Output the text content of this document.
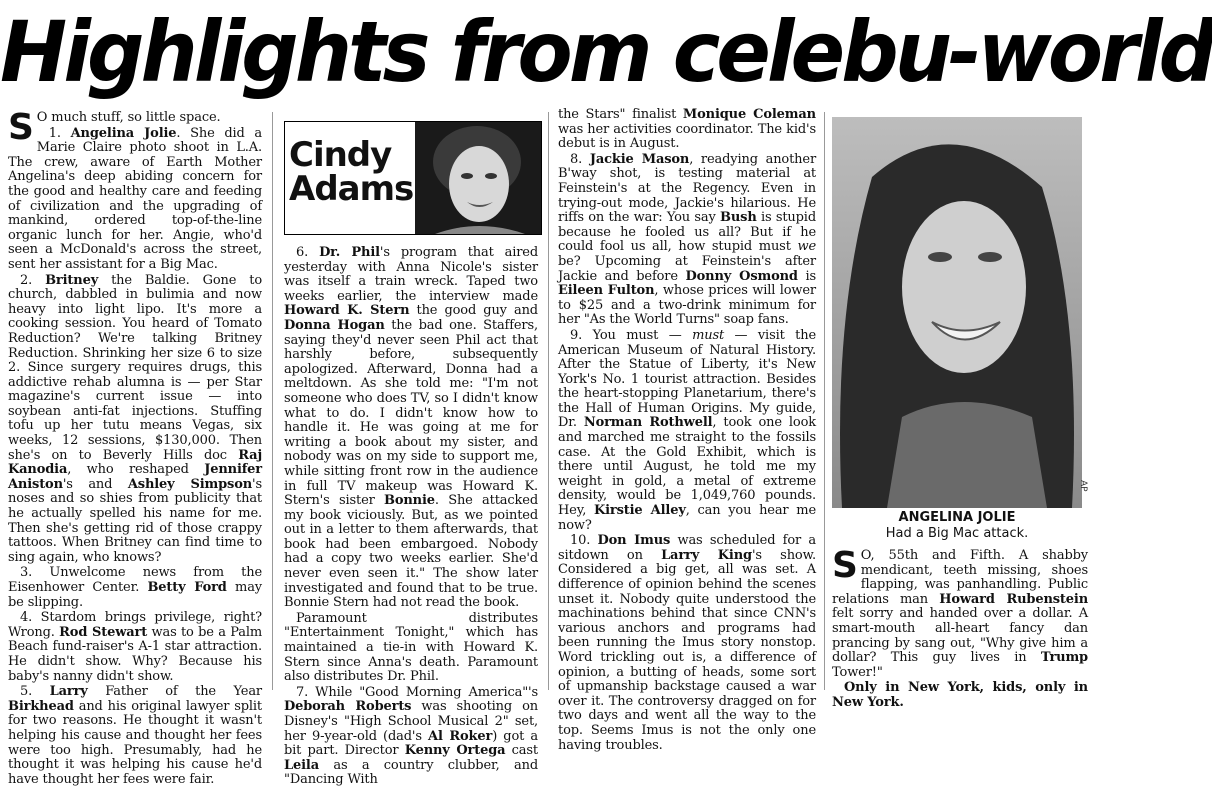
Highlights from celebu-world

S O much stuff, so little space.

1. Angelina Jolie. She did a Marie Claire photo shoot in L.A. The crew, aware of Earth Mother Angelina's deep abiding concern for the good and healthy care and feeding of civilization and the upgrading of mankind, ordered top-of-the-line organic lunch for her. Angie, who'd seen a McDonald's across the street, sent her assistant for a Big Mac.

2. Britney the Baldie. Gone to church, dabbled in bulimia and now heavy into light lipo. It's more a cooking session. You heard of Tomato Reduction? We're talking Britney Reduction. Shrinking her size 6 to size 2. Since surgery requires drugs, this addictive rehab alumna is — per Star magazine's current issue — into soybean anti-fat injections. Stuffing tofu up her tutu means Vegas, six weeks, 12 sessions, $130,000. Then she's on to Beverly Hills doc Raj Kanodia, who reshaped Jennifer Aniston's and Ashley Simpson's noses and so shies from publicity that he actually spelled his name for me. Then she's getting rid of those crappy tattoos. When Britney can find time to sing again, who knows?

3. Unwelcome news from the Eisenhower Center. Betty Ford may be slipping.

4. Stardom brings privilege, right? Wrong. Rod Stewart was to be a Palm Beach fund-raiser's A-1 star attraction. He didn't show. Why? Because his baby's nanny didn't show.

5. Larry Father of the Year Birkhead and his original lawyer split for two reasons. He thought it wasn't helping his cause and thought her fees were too high. Presumably, had he thought it was helping his cause he'd have thought her fees were fair.

Cindy
Adams

6. Dr. Phil's program that aired yesterday with Anna Nicole's sister was itself a train wreck. Taped two weeks earlier, the interview made Howard K. Stern the good guy and Donna Hogan the bad one. Staffers, saying they'd never seen Phil act that harshly before, subsequently apologized. Afterward, Donna had a meltdown. As she told me: "I'm not someone who does TV, so I didn't know what to do. I didn't know how to handle it. He was going at me for writing a book about my sister, and nobody was on my side to support me, while sitting front row in the audience in full TV makeup was Howard K. Stern's sister Bonnie. She attacked my book viciously. But, as we pointed out in a letter to them afterwards, that book had been embargoed. Nobody had a copy two weeks earlier. She'd never even seen it." The show later investigated and found that to be true. Bonnie Stern had not read the book.

Paramount distributes "Entertainment Tonight," which has maintained a tie-in with Howard K. Stern since Anna's death. Paramount also distributes Dr. Phil.

7. While "Good Morning America"'s Deborah Roberts was shooting on Disney's "High School Musical 2" set, her 9-year-old (dad's Al Roker) got a bit part. Director Kenny Ortega cast Leila as a country clubber, and "Dancing With

the Stars" finalist Monique Coleman was her activities coordinator. The kid's debut is in August.

8. Jackie Mason, readying another B'way shot, is testing material at Feinstein's at the Regency. Even in trying-out mode, Jackie's hilarious. He riffs on the war: You say Bush is stupid because he fooled us all? But if he could fool us all, how stupid must we be? Upcoming at Feinstein's after Jackie and before Donny Osmond is Eileen Fulton, whose prices will lower to $25 and a two-drink minimum for her "As the World Turns" soap fans.

9. You must — must — visit the American Museum of Natural History. After the Statue of Liberty, it's New York's No. 1 tourist attraction. Besides the heart-stopping Planetarium, there's the Hall of Human Origins. My guide, Dr. Norman Rothwell, took one look and marched me straight to the fossils case. At the Gold Exhibit, which is there until August, he told me my weight in gold, a metal of extreme density, would be 1,049,760 pounds. Hey, Kirstie Alley, can you hear me now?

10. Don Imus was scheduled for a sitdown on Larry King's show. Considered a big get, all was set. A difference of opinion behind the scenes unset it. Nobody quite understood the machinations behind that since CNN's various anchors and programs had been running the Imus story nonstop. Word trickling out is, a difference of opinion, a butting of heads, some sort of upmanship backstage caused a war over it. The controversy dragged on for two days and went all the way to the top. Seems Imus is not the only one having troubles.

AP
ANGELINA JOLIE
Had a Big Mac attack.

S O, 55th and Fifth. A shabby mendicant, teeth missing, shoes flapping, was panhandling. Public relations man Howard Rubenstein felt sorry and handed over a dollar. A smart-mouth all-heart fancy dan prancing by sang out, "Why give him a dollar? This guy lives in Trump Tower!"

Only in New York, kids, only in New York.
